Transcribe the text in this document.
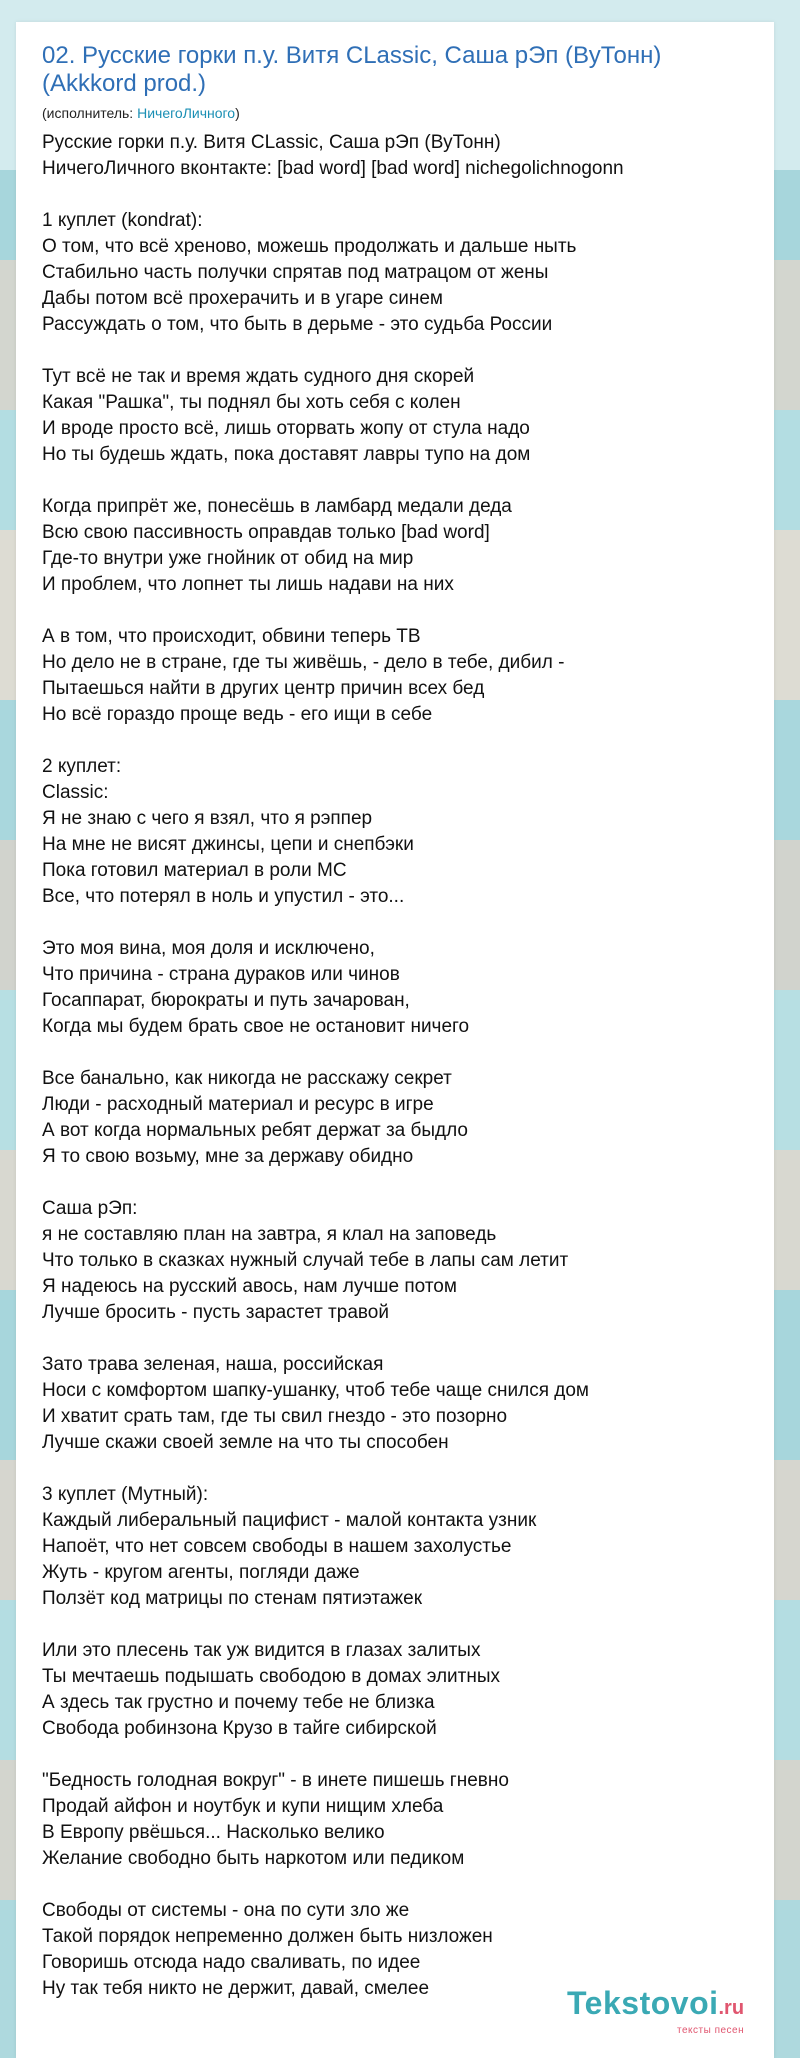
02. Русские горки п.у. Витя CLassic, Саша рЭп (ВуТонн) (Akkkord prod.)
(исполнитель: НичегоЛичного)
Русские горки п.у. Витя CLassic, Саша рЭп (ВуТонн)
НичегоЛичного вконтакте: [bad word] [bad word] nichegolichnogonn
1 куплет (kondrat):
О том, что всё хреново, можешь продолжать и дальше ныть
Стабильно часть получки спрятав под матрацом от жены
Дабы потом всё прохерачить и в угаре синем
Рассуждать о том, что быть в дерьме - это судьба России
Тут всё не так и время ждать судного дня скорей
Какая "Рашка", ты поднял бы хоть себя с колен
И вроде просто всё, лишь оторвать жопу от стула надо
Но ты будешь ждать, пока доставят лавры тупо на дом
Когда припрёт же, понесёшь в ламбард медали деда
Всю свою пассивность оправдав только [bad word]
Где-то внутри уже гнойник от обид на мир
И проблем, что лопнет ты лишь надави на них
А в том, что происходит, обвини теперь ТВ
Но дело не в стране, где ты живёшь, - дело в тебе, дибил -
Пытаешься найти в других центр причин всех бед
Но всё гораздо проще ведь - его ищи в себе
2 куплет:
Classic:
Я не знаю с чего я взял, что я рэппер
На мне не висят джинсы, цепи и снепбэки
Пока готовил материал в роли МС
Все, что потерял в ноль и упустил - это...
Это моя вина, моя доля и исключено,
Что причина - страна дураков или чинов
Госаппарат, бюрократы и путь зачарован,
Когда мы будем брать свое не остановит ничего
Все банально, как никогда не расскажу секрет
Люди - расходный материал и ресурс в игре
А вот когда нормальных ребят держат за быдло
Я то свою возьму, мне за державу обидно
Саша рЭп:
я не составляю план на завтра, я клал на заповедь
Что только в сказках нужный случай тебе в лапы сам летит
Я надеюсь на русский авось, нам лучше потом
Лучше бросить - пусть зарастет травой
Зато трава зеленая, наша, российская
Носи с комфортом шапку-ушанку, чтоб тебе чаще снился дом
И хватит срать там, где ты свил гнездо - это позорно
Лучше скажи своей земле на что ты способен
3 куплет (Мутный):
Каждый либеральный пацифист - малой контакта узник
Напоёт, что нет совсем свободы в нашем захолустье
Жуть - кругом агенты, погляди даже
Ползёт код матрицы по стенам пятиэтажек
Или это плесень так уж видится в глазах залитых
Ты мечтаешь подышать свободою в домах элитных
А здесь так грустно и почему тебе не близка
Свобода робинзона Крузо в тайге сибирской
"Бедность голодная вокруг" - в инете пишешь гневно
Продай айфон и ноутбук и купи нищим хлеба
В Европу рвёшься... Насколько велико
Желание свободно быть наркотом или педиком
Свободы от системы - она по сути зло же
Такой порядок непременно должен быть низложен
Говоришь отсюда надо сваливать, по идее
Ну так тебя никто не держит, давай, смелее	Tekstovoi.ru
тексты песен
